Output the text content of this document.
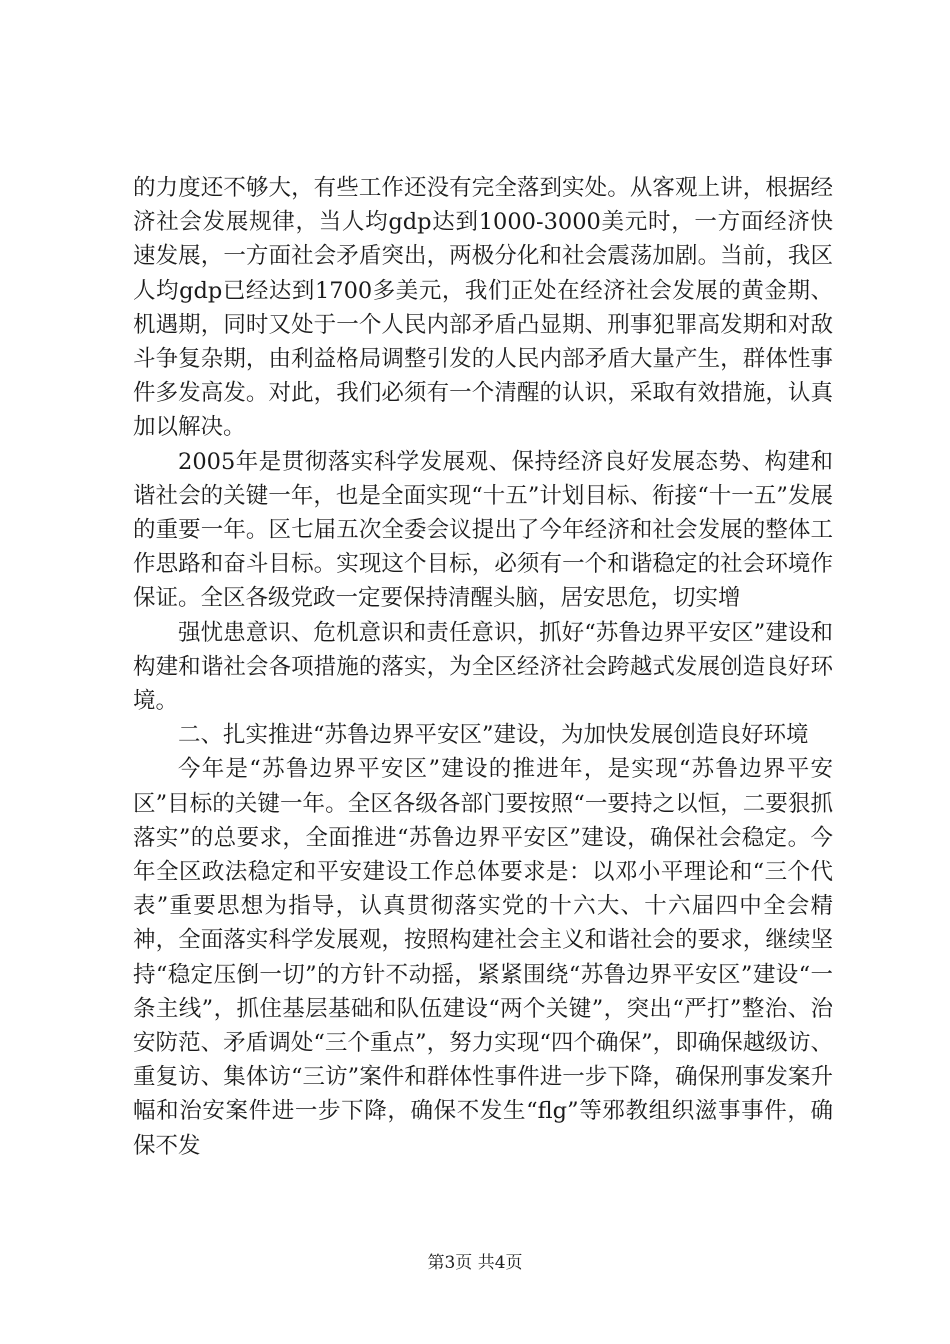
的力度还不够大，有些工作还没有完全落到实处。从客观上讲，根据经济社会发展规律，当人均gdp达到1000-3000美元时，一方面经济快速发展，一方面社会矛盾突出，两极分化和社会震荡加剧。当前，我区人均gdp已经达到1700多美元，我们正处在经济社会发展的黄金期、机遇期，同时又处于一个人民内部矛盾凸显期、刑事犯罪高发期和对敌斗争复杂期，由利益格局调整引发的人民内部矛盾大量产生，群体性事件多发高发。对此，我们必须有一个清醒的认识，采取有效措施，认真加以解决。

2005年是贯彻落实科学发展观、保持经济良好发展态势、构建和谐社会的关键一年，也是全面实现“十五”计划目标、衔接“十一五”发展的重要一年。区七届五次全委会议提出了今年经济和社会发展的整体工作思路和奋斗目标。实现这个目标，必须有一个和谐稳定的社会环境作保证。全区各级党政一定要保持清醒头脑，居安思危，切实增

强忧患意识、危机意识和责任意识，抓好“苏鲁边界平安区”建设和构建和谐社会各项措施的落实，为全区经济社会跨越式发展创造良好环境。

二、扎实推进“苏鲁边界平安区”建设，为加快发展创造良好环境

今年是“苏鲁边界平安区”建设的推进年，是实现“苏鲁边界平安区”目标的关键一年。全区各级各部门要按照“一要持之以恒，二要狠抓落实”的总要求，全面推进“苏鲁边界平安区”建设，确保社会稳定。今年全区政法稳定和平安建设工作总体要求是：以邓小平理论和“三个代表”重要思想为指导，认真贯彻落实党的十六大、十六届四中全会精神，全面落实科学发展观，按照构建社会主义和谐社会的要求，继续坚持“稳定压倒一切”的方针不动摇，紧紧围绕“苏鲁边界平安区”建设“一条主线”，抓住基层基础和队伍建设“两个关键”，突出“严打”整治、治安防范、矛盾调处“三个重点”，努力实现“四个确保”，即确保越级访、重复访、集体访“三访”案件和群体性事件进一步下降，确保刑事发案升幅和治安案件进一步下降，确保不发生“flg”等邪教组织滋事事件，确保不发

第3页 共4页
